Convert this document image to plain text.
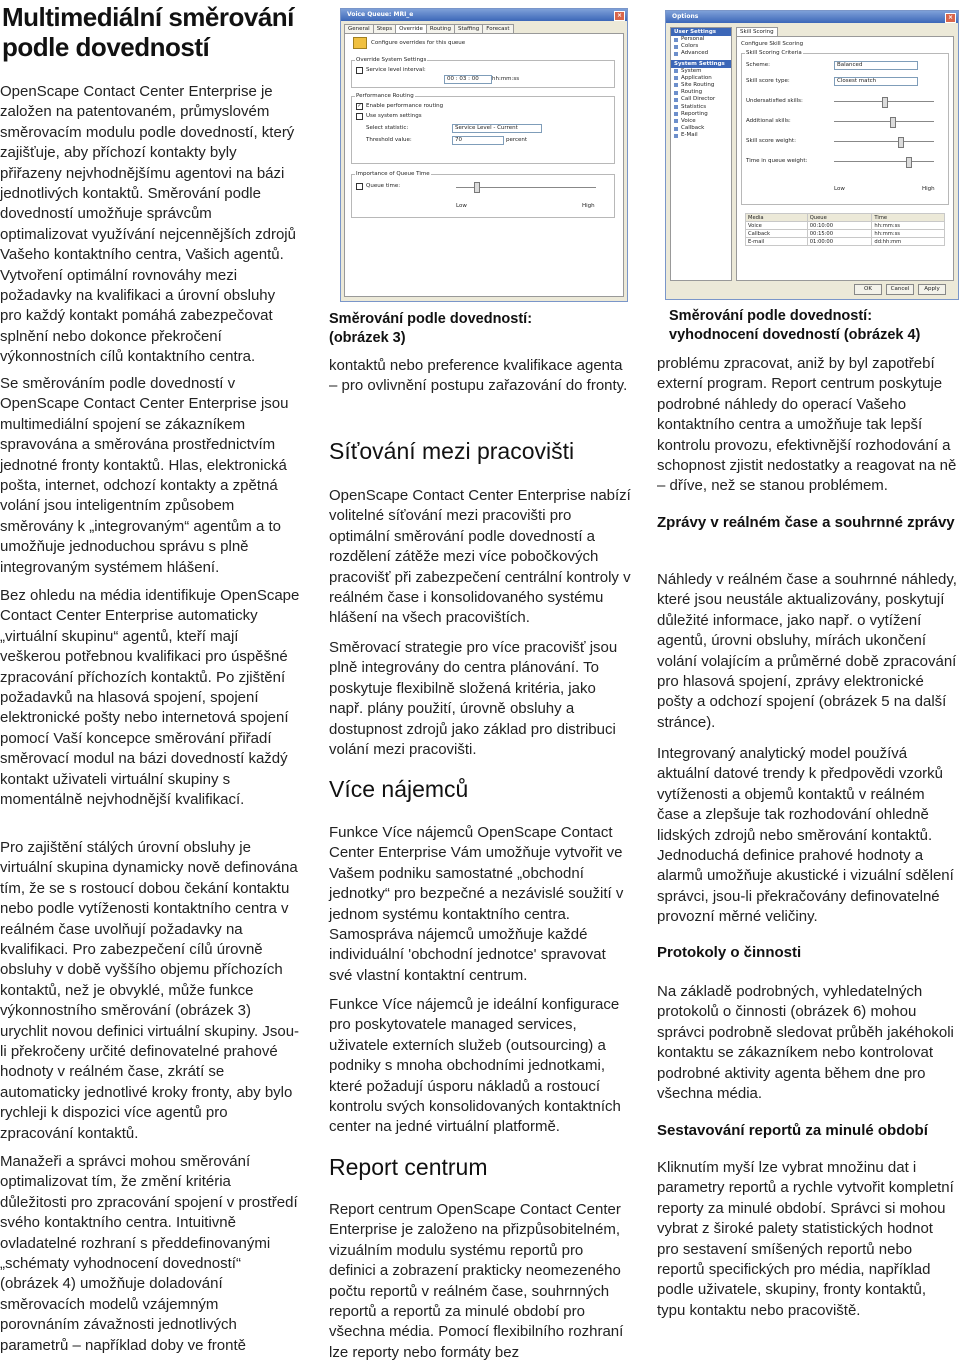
Multimediální směrování podle dovedností

OpenScape Contact Center Enterprise je založen na patentovaném, průmyslovém směrovacím modulu podle dovedností, který zajišťuje, aby příchozí kontakty byly přiřazeny nejvhodnějšímu agentovi na bázi jednotlivých kontaktů. Směrování podle dovedností umožňuje správcům optimalizovat využívání nejcennějších zdrojů Vašeho kontaktního centra, Vašich agentů. Vytvoření optimální rovnováhy mezi požadavky na kvalifikaci a úrovní obsluhy pro každý kontakt pomáhá zabezpečovat splnění nebo dokonce překročení výkonnostních cílů kontaktního centra.

Se směrováním podle dovedností v OpenScape Contact Center Enterprise jsou multimediální spojení se zákazníkem spravována a směrována prostřednictvím jednotné fronty kontaktů. Hlas, elektronická pošta, internet, odchozí kontakty a zpětná volání jsou inteligentním způsobem směrovány k „integrovaným“ agentům a to umožňuje jednoduchou správu s plně integrovaným systémem hlášení.

Bez ohledu na média identifikuje OpenScape Contact Center Enterprise automaticky „virtuální skupinu“ agentů, kteří mají veškerou potřebnou kvalifikaci pro úspěšné zpracování příchozích kontaktů. Po zjištění požadavků na hlasová spojení, spojení elektronické pošty nebo internetová spojení pomocí Vaší koncepce směrování přiřadí směrovací modul na bázi dovedností každý kontakt uživateli virtuální skupiny s momentálně nejvhodnější kvalifikací.

Pro zajištění stálých úrovní obsluhy je virtuální skupina dynamicky nově definována tím, že se s rostoucí dobou čekání kontaktu nebo podle vytíženosti kontaktního centra v reálném čase uvolňují požadavky na kvalifikaci. Pro zabezpečení cílů úrovně obsluhy v době vyššího objemu příchozích kontaktů, než je obvyklé, může funkce výkonnostního směrování (obrázek 3) urychlit novou definici virtuální skupiny. Jsou-li překročeny určité definovatelné prahové hodnoty v reálném čase, zkrátí se automaticky jednotlivé kroky fronty, aby bylo rychleji k dispozici více agentů pro zpracování kontaktů.

Manažeři a správci mohou směrování optimalizovat tím, že změní kritéria důležitosti pro zpracování spojení v prostředí svého kontaktního centra. Intuitivně ovladatelné rozhraní s předdefinovanými „schématy vyhodnocení dovedností“ (obrázek 4) umožňuje doladování směrovacích modelů vzájemným porovnáním závažnosti jednotlivých parametrů – například doby ve frontě

Voice Queue: MRI_e	×
General Steps Override Routing Staffing Forecast
Configure overrides for this queue
Override System Settings
Service level interval:
00 : 03 : 00	hh:mm:ss
Performance Routing
✓ Enable performance routing
Use system settings
Select statistic:	Service Level - Current
Threshold value:	70	percent
Importance of Queue Time
Queue time:
Low	High

Směrování podle dovedností:
(obrázek 3)

kontaktů nebo preference kvalifikace agenta – pro ovlivnění postupu zařazování do fronty.

Síťování mezi pracovišti

OpenScape Contact Center Enterprise nabízí volitelné síťování mezi pracovišti pro optimální směrování podle dovedností a rozdělení zátěže mezi více pobočkových pracovišť při zabezpečení centrální kontroly v reálném čase i konsolidovaného systému hlášení na všech pracovištích.

Směrovací strategie pro více pracovišť jsou plně integrovány do centra plánování. To poskytuje flexibilně složená kritéria, jako např. plány použití, úrovně obsluhy a dostupnost zdrojů jako základ pro distribuci volání mezi pracovišti.

Více nájemců

Funkce Více nájemců OpenScape Contact Center Enterprise Vám umožňuje vytvořit ve Vašem podniku samostatné „obchodní jednotky“ pro bezpečné a nezávislé soužití v jednom systému kontaktního centra. Samospráva nájemců umožňuje každé individuální 'obchodní jednotce' spravovat své vlastní kontaktní centrum.

Funkce Více nájemců je ideální konfigurace pro poskytovatele managed services, uživatele externích služeb (outsourcing) a podniky s mnoha obchodními jednotkami, které požadují úsporu nákladů a rostoucí kontrolu svých konsolidovaných kontaktních center na jedné virtuální platformě.

Report centrum

Report centrum OpenScape Contact Center Enterprise je založeno na přizpůsobitelném, vizuálním modulu systému reportů pro definici a zobrazení prakticky neomezeného počtu reportů v reálném čase, souhrnných reportů a reportů za minulé období pro všechna média. Pomocí flexibilního rozhraní lze reporty nebo formáty bez

Options	×
User Settings
Personal
Colors
Advanced
System Settings
System
Application
Site Routing
Routing
Call Director
Statistics
Reporting
Voice
Callback
E-Mail
Skill Scoring
Configure Skill Scoring
Skill Scoring Criteria
Scheme:	Balanced
Skill score type:	Closest match
Undersatisfied skills:
Additional skills:
Skill score weight:
Time in queue weight:
Low	High
Media	Queue	Time
Voice	00:10:00	hh:mm:ss
Callback	00:15:00	hh:mm:ss
E-mail	01:00:00	dd:hh:mm
OK	Cancel	Apply

Směrování podle dovedností:
vyhodnocení dovedností (obrázek 4)

problému zpracovat, aniž by byl zapotřebí externí program. Report centrum poskytuje podrobné náhledy do operací Vašeho kontaktního centra a umožňuje tak lepší kontrolu provozu, efektivnější rozhodování a schopnost zjistit nedostatky a reagovat na ně – dříve, než se stanou problémem.

Zprávy v reálném čase a souhrnné zprávy

Náhledy v reálném čase a souhrnné náhledy, které jsou neustále aktualizovány, poskytují důležité informace, jako např. o vytížení agentů, úrovni obsluhy, mírách ukončení volání volajícím a průměrné době zpracování pro hlasová spojení, zprávy elektronické pošty a odchozí spojení (obrázek 5 na další stránce).

Integrovaný analytický model používá aktuální datové trendy k předpovědi vzorků vytíženosti a objemů kontaktů v reálném čase a zlepšuje tak rozhodování ohledně lidských zdrojů nebo směrování kontaktů. Jednoduchá definice prahové hodnoty a alarmů umožňuje akustické i vizuální sdělení správci, jsou-li překračovány definovatelné provozní měrné veličiny.

Protokoly o činnosti

Na základě podrobných, vyhledatelných protokolů o činnosti (obrázek 6) mohou správci podrobně sledovat průběh jakéhokoli kontaktu se zákazníkem nebo kontrolovat podrobné aktivity agenta během dne pro všechna média.

Sestavování reportů za minulé období

Kliknutím myší lze vybrat množinu dat i parametry reportů a rychle vytvořit kompletní reporty za minulé období. Správci si mohou vybrat z široké palety statistických hodnot pro sestavení smíšených reportů nebo reportů specifických pro média, například podle uživatele, skupiny, fronty kontaktů, typu kontaktu nebo pracoviště.
